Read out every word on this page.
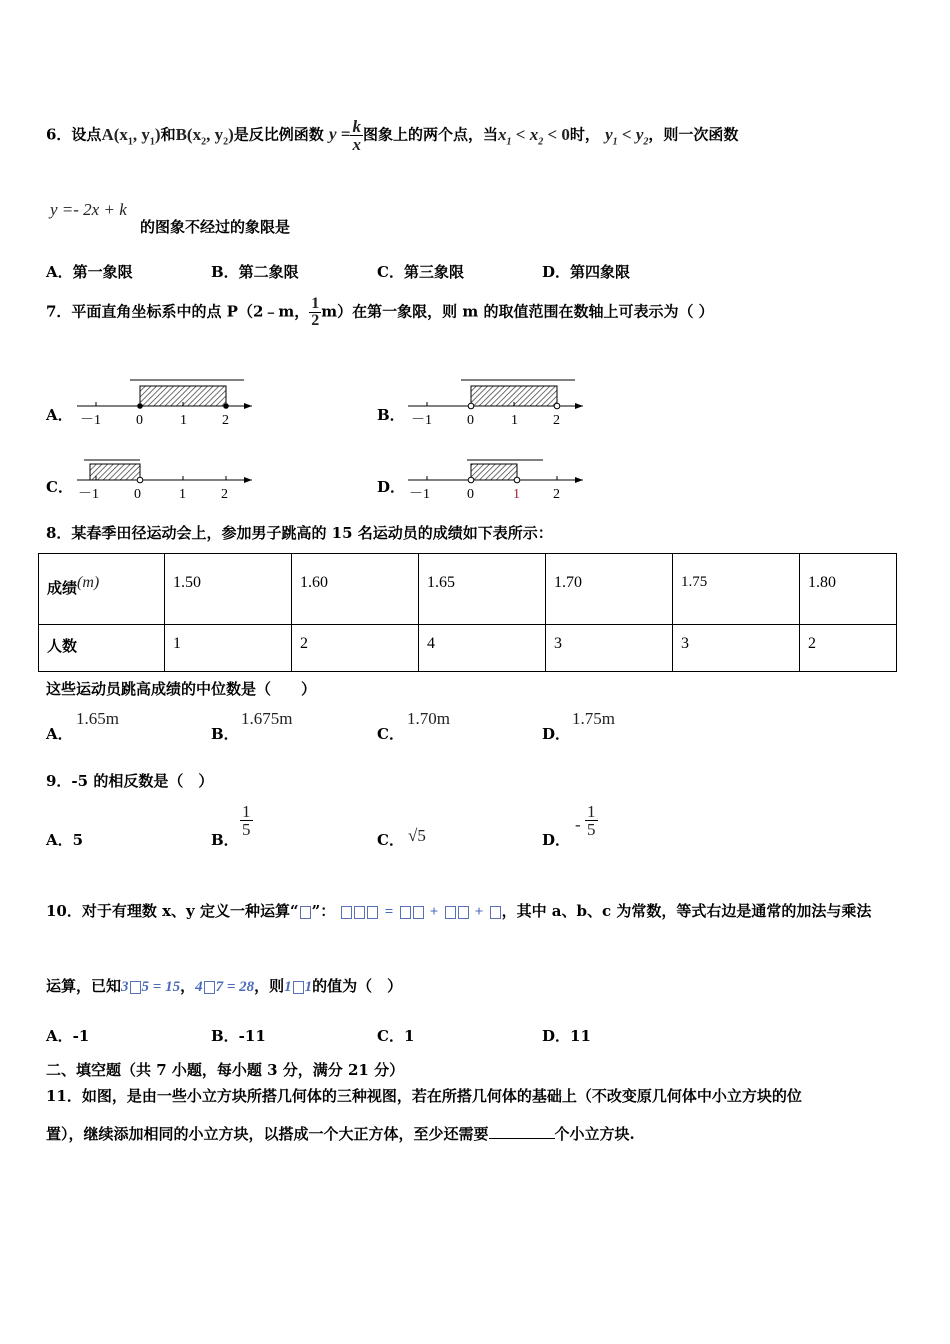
6．设点$A(x_1$, $y_1$)和$B(x_2$, $y_2$)是反比例函数 $y = \frac{k}{x}$ 图象上的两个点，当$x_1 < x_2 < 0$时， $y_1 < y_2$，则一次函数
y =- 2x + k
的图象不经过的象限是
A．第一象限	B．第二象限	C．第三象限	D．第四象限
7．平面直角坐标系中的点 P（2﹣m， $\frac{1}{2} m$）在第一象限，则 m 的取值范围在数轴上可表示为（ ）
A． －1	0	1	2	B． －1	0	1	2
C． －1	0	1	2	D． －1	0	1 2
8．某春季田径运动会上，参加男子跳高的 15 名运动员的成绩如下表所示：
成绩$^{(m)}$	1.50	1.60	1.65	1.70	1.75	1.80

人数	1	2	4	3	3	2
这些运动员跳高成绩的中位数是（　　）
A．
1.65m
B．
1.675m
C．
1.70m
D．
1.75m
9．-5 的相反数是（　）
A．5	B．
$\frac{1}{5}$
C． √5	D．
- $\frac{1}{5}$
10．对于有理数 x、y 定义一种运算“ ”：	= + + ，其中 a、b、c 为常数，等式右边是通常的加法与乘法
运算，已知3 5 = 15，4 7 = 28，则1 1的值为（　）
A．-1	B．-11	C．1	D．11
二、填空题（共 7 小题，每小题 3 分，满分 21 分）
11．如图，是由一些小立方块所搭几何体的三种视图，若在所搭几何体的基础上（不改变原几何体中小立方块的位
置），继续添加相同的小立方块，以搭成一个大正方体，至少还需要	个小立方块.
